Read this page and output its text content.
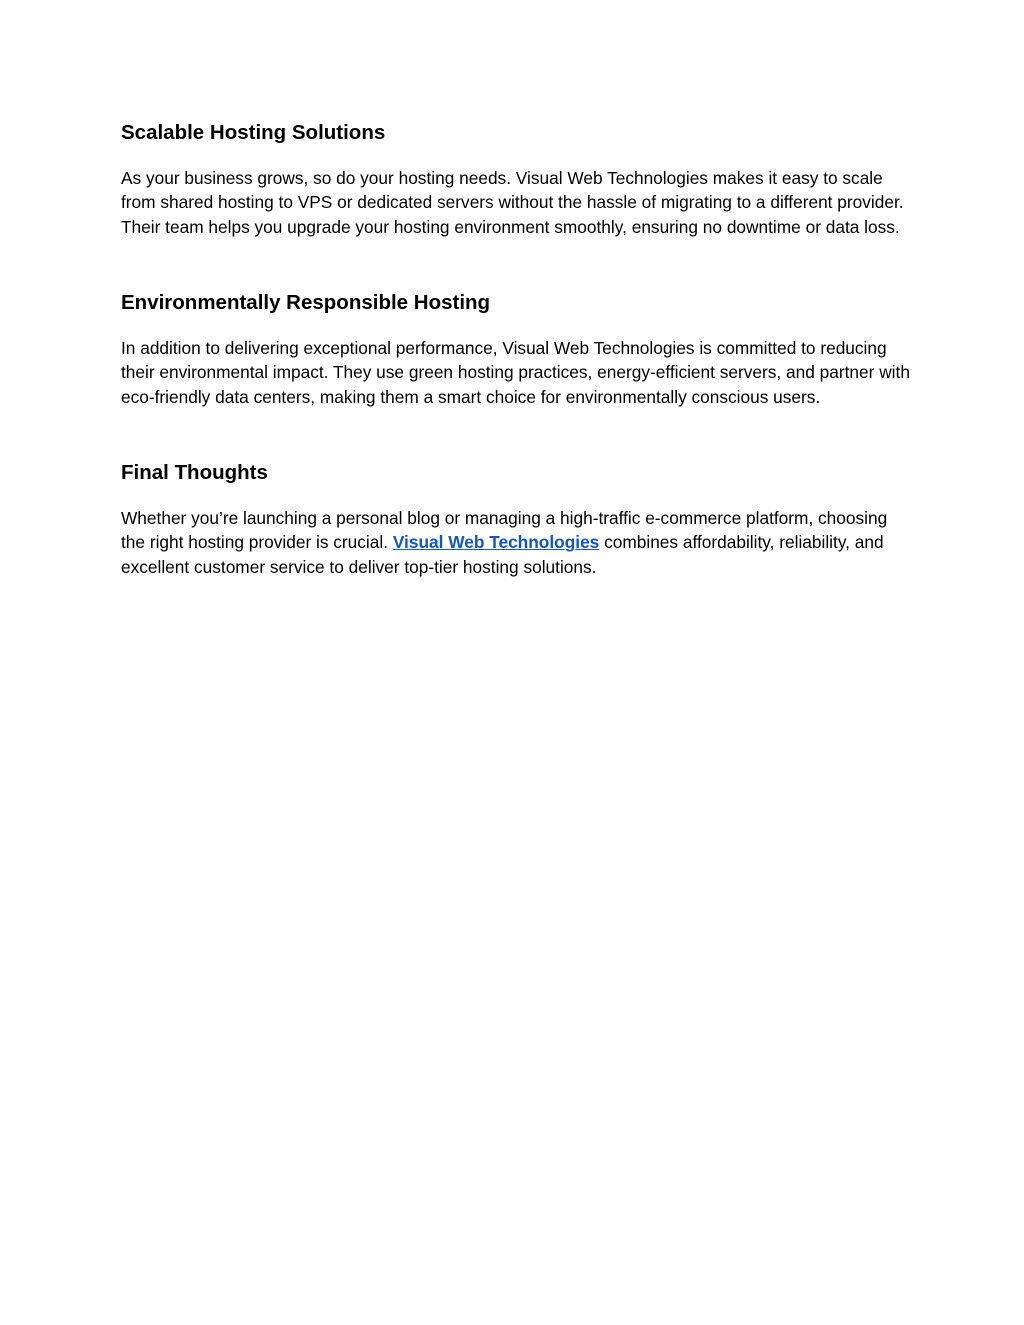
Scalable Hosting Solutions

As your business grows, so do your hosting needs. Visual Web Technologies makes it easy to scale from shared hosting to VPS or dedicated servers without the hassle of migrating to a different provider. Their team helps you upgrade your hosting environment smoothly, ensuring no downtime or data loss.

Environmentally Responsible Hosting

In addition to delivering exceptional performance, Visual Web Technologies is committed to reducing their environmental impact. They use green hosting practices, energy-efficient servers, and partner with eco-friendly data centers, making them a smart choice for environmentally conscious users.

Final Thoughts

Whether you’re launching a personal blog or managing a high-traffic e-commerce platform, choosing the right hosting provider is crucial. Visual Web Technologies combines affordability, reliability, and excellent customer service to deliver top-tier hosting solutions.
